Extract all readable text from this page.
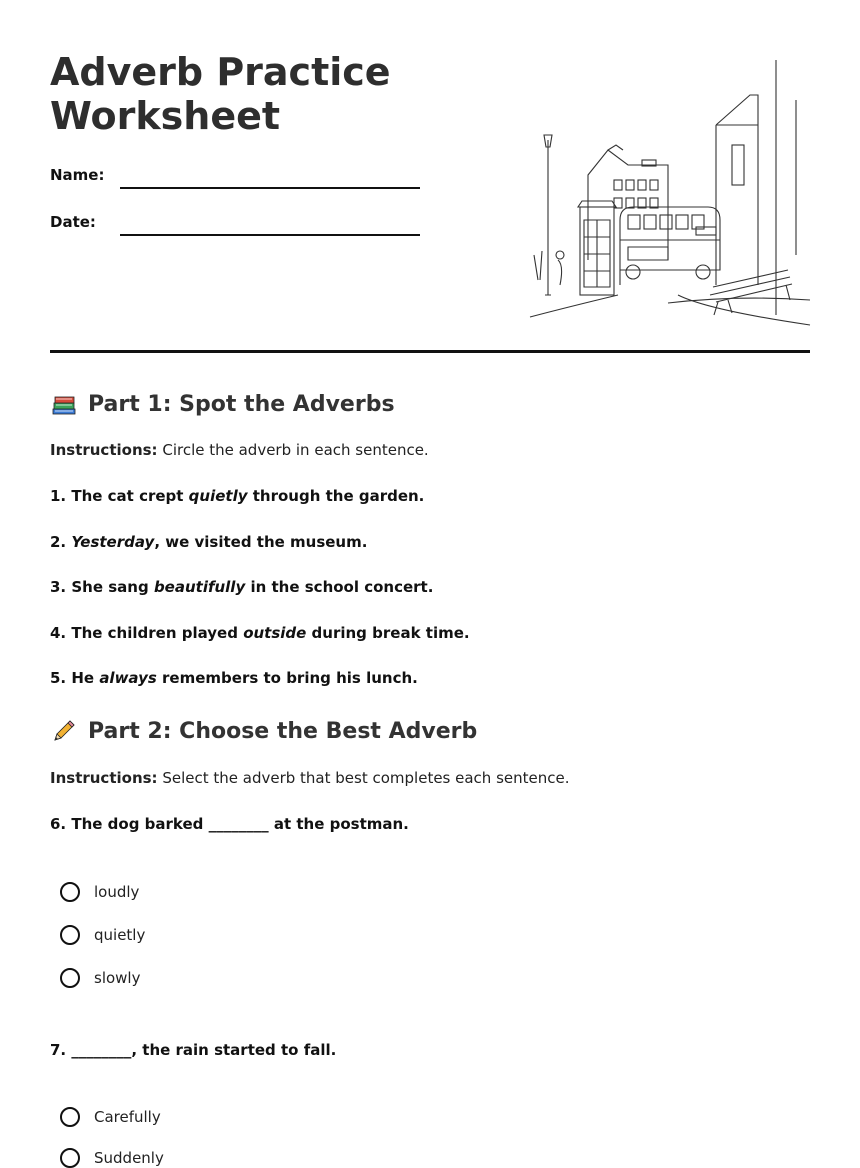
Adverb Practice Worksheet
Name:
Date:
Part 1: Spot the Adverbs
Instructions: Circle the adverb in each sentence.
1. The cat crept quietly through the garden.
2. Yesterday, we visited the museum.
3. She sang beautifully in the school concert.
4. The children played outside during break time.
5. He always remembers to bring his lunch.
Part 2: Choose the Best Adverb
Instructions: Select the adverb that best completes each sentence.
6. The dog barked ________ at the postman.
loudly
quietly
slowly
7. ________, the rain started to fall.
Carefully
Suddenly
